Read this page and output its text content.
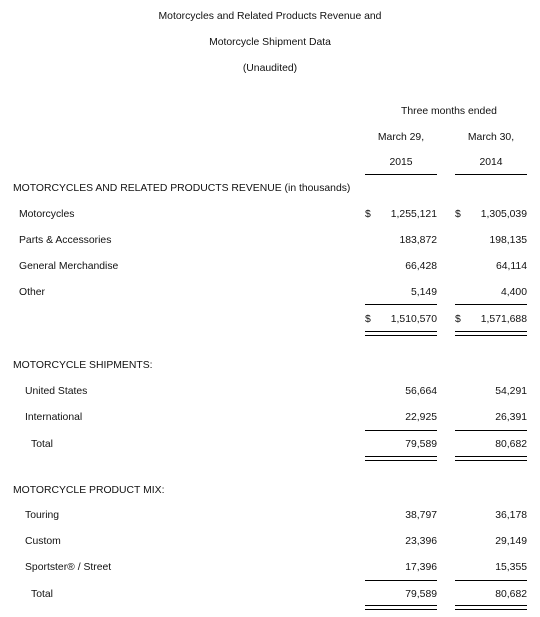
Motorcycles and Related Products Revenue and
Motorcycle Shipment Data
(Unaudited)
Three months ended
March 29,
2015
March 30,
2014
MOTORCYCLES AND RELATED PRODUCTS REVENUE (in thousands)
Motorcycles	$ 1,255,121 $ 1,305,039
Parts & Accessories	183,872	198,135
General Merchandise	66,428	64,114
Other	5,149	4,400
$ 1,510,570 $ 1,571,688
MOTORCYCLE SHIPMENTS:
United States	56,664	54,291
International	22,925	26,391
Total	79,589	80,682
MOTORCYCLE PRODUCT MIX:
Touring	38,797	36,178
Custom	23,396	29,149
Sportster® / Street	17,396	15,355
Total	79,589	80,682
